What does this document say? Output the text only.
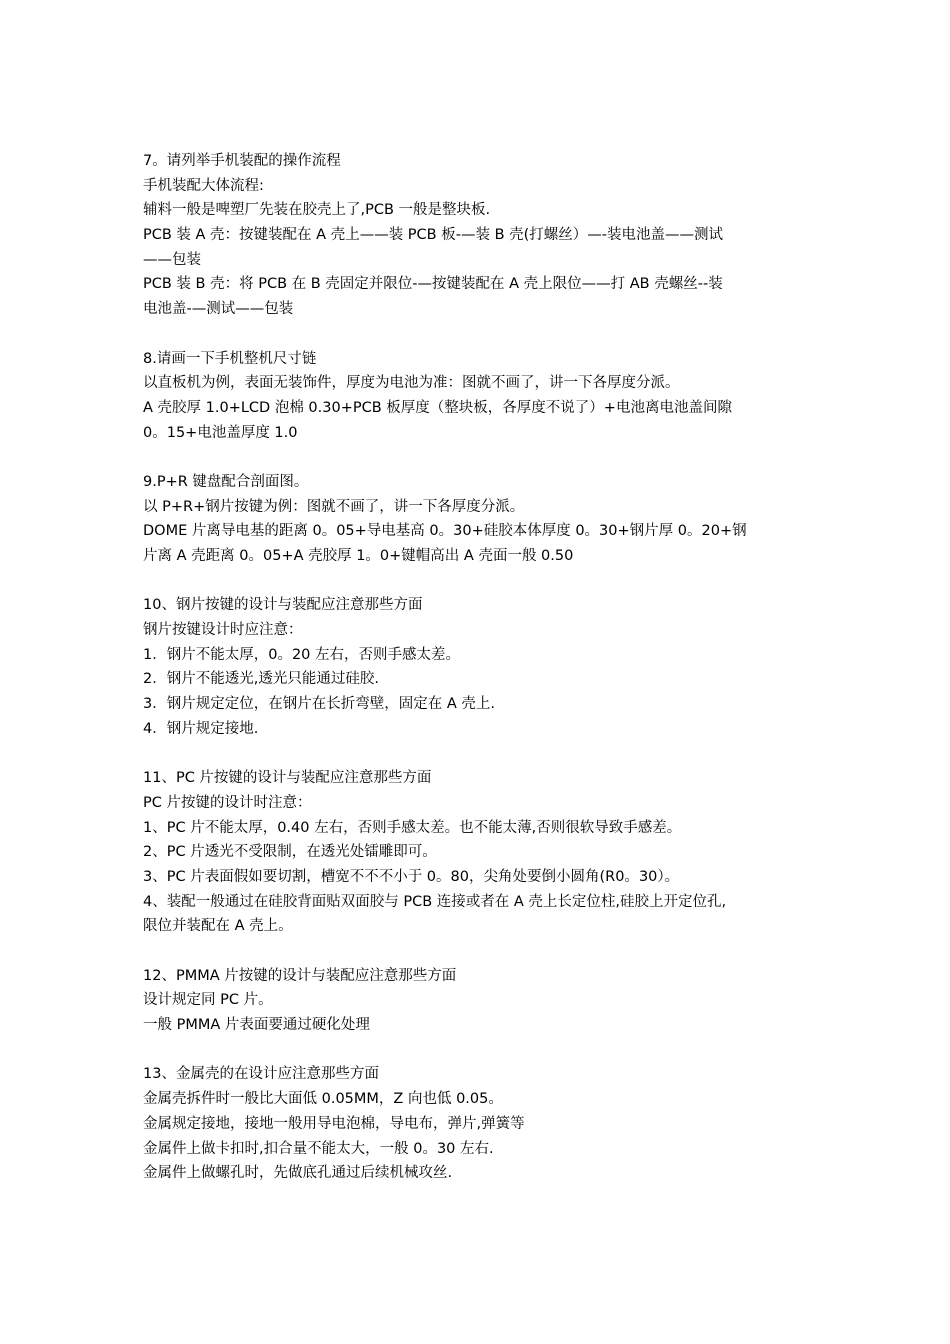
7。请列举手机装配的操作流程
手机装配大体流程:
辅料一般是啤塑厂先装在胶壳上了,PCB 一般是整块板.
PCB 装 A 壳：按键装配在 A 壳上——装 PCB 板-—装 B 壳(打螺丝）—-装电池盖——测试
——包装
PCB 装 B 壳：将 PCB 在 B 壳固定并限位-—按键装配在 A 壳上限位——打 AB 壳螺丝--装
电池盖-—测试——包装
8.请画一下手机整机尺寸链
以直板机为例，表面无装饰件，厚度为电池为准：图就不画了，讲一下各厚度分派。
A 壳胶厚 1.0+LCD 泡棉 0.30+PCB 板厚度（整块板，各厚度不说了）+电池离电池盖间隙
0。15+电池盖厚度 1.0
9.P+R 键盘配合剖面图。
以 P+R+钢片按键为例：图就不画了，讲一下各厚度分派。
DOME 片离导电基的距离 0。05+导电基高 0。30+硅胶本体厚度 0。30+钢片厚 0。20+钢
片离 A 壳距离 0。05+A 壳胶厚 1。0+键帽高出 A 壳面一般 0.50
10、钢片按键的设计与装配应注意那些方面
钢片按键设计时应注意：
1．钢片不能太厚，0。20 左右，否则手感太差。
2．钢片不能透光,透光只能通过硅胶.
3．钢片规定定位，在钢片在长折弯壁，固定在 A 壳上.
4．钢片规定接地.
11、PC 片按键的设计与装配应注意那些方面
PC 片按键的设计时注意：
1、PC 片不能太厚，0.40 左右，否则手感太差。也不能太薄,否则很软导致手感差。
2、PC 片透光不受限制，在透光处镭雕即可。
3、PC 片表面假如要切割，槽宽不不不小于 0。80，尖角处要倒小圆角(R0。30）。
4、装配一般通过在硅胶背面贴双面胶与 PCB 连接或者在 A 壳上长定位柱,硅胶上开定位孔,
限位并装配在 A 壳上。
12、PMMA 片按键的设计与装配应注意那些方面
设计规定同 PC 片。
一般 PMMA 片表面要通过硬化处理
13、金属壳的在设计应注意那些方面
金属壳拆件时一般比大面低 0.05MM，Z 向也低 0.05。
金属规定接地，接地一般用导电泡棉，导电布，弹片,弹簧等
金属件上做卡扣时,扣合量不能太大，一般 0。30 左右.
金属件上做螺孔时，先做底孔通过后续机械攻丝.
